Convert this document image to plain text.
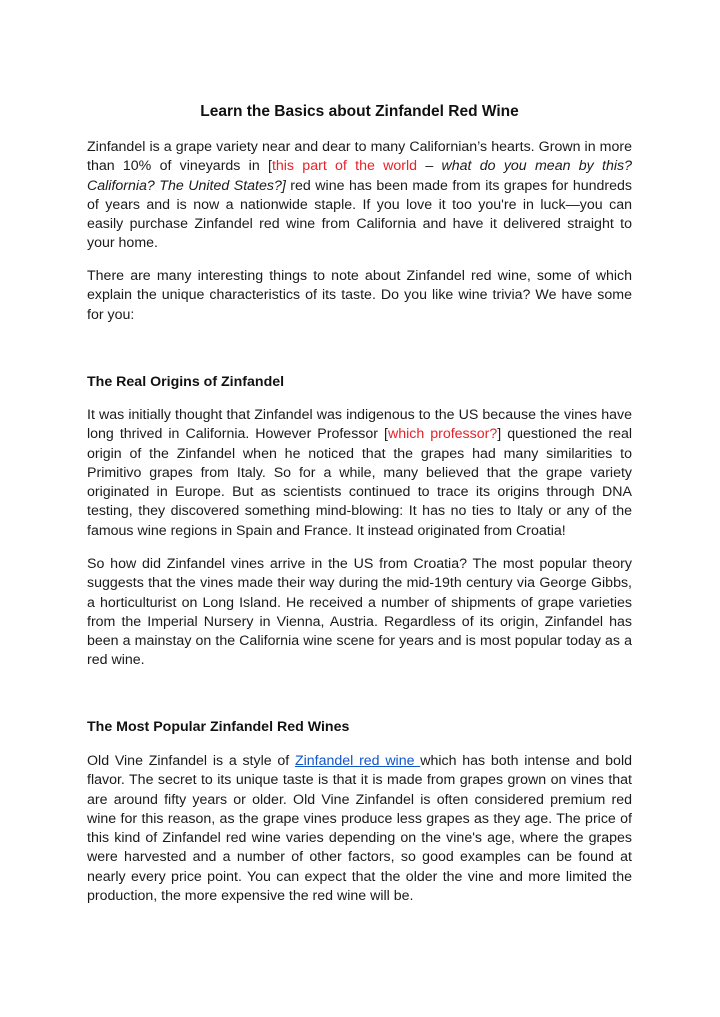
Learn the Basics about Zinfandel Red Wine

Zinfandel is a grape variety near and dear to many Californian’s hearts. Grown in more than 10% of vineyards in [this part of the world – what do you mean by this? California? The United States?] red wine has been made from its grapes for hundreds of years and is now a nationwide staple. If you love it too you're in luck—you can easily purchase Zinfandel red wine from California and have it delivered straight to your home.

There are many interesting things to note about Zinfandel red wine, some of which explain the unique characteristics of its taste. Do you like wine trivia? We have some for you:

The Real Origins of Zinfandel

It was initially thought that Zinfandel was indigenous to the US because the vines have long thrived in California. However Professor [which professor?] questioned the real origin of the Zinfandel when he noticed that the grapes had many similarities to Primitivo grapes from Italy. So for a while, many believed that the grape variety originated in Europe. But as scientists continued to trace its origins through DNA testing, they discovered something mind-blowing: It has no ties to Italy or any of the famous wine regions in Spain and France. It instead originated from Croatia!

So how did Zinfandel vines arrive in the US from Croatia? The most popular theory suggests that the vines made their way during the mid-19th century via George Gibbs, a horticulturist on Long Island. He received a number of shipments of grape varieties from the Imperial Nursery in Vienna, Austria. Regardless of its origin, Zinfandel has been a mainstay on the California wine scene for years and is most popular today as a red wine.

The Most Popular Zinfandel Red Wines

Old Vine Zinfandel is a style of Zinfandel red wine which has both intense and bold flavor. The secret to its unique taste is that it is made from grapes grown on vines that are around fifty years or older. Old Vine Zinfandel is often considered premium red wine for this reason, as the grape vines produce less grapes as they age. The price of this kind of Zinfandel red wine varies depending on the vine's age, where the grapes were harvested and a number of other factors, so good examples can be found at nearly every price point. You can expect that the older the vine and more limited the production, the more expensive the red wine will be.
